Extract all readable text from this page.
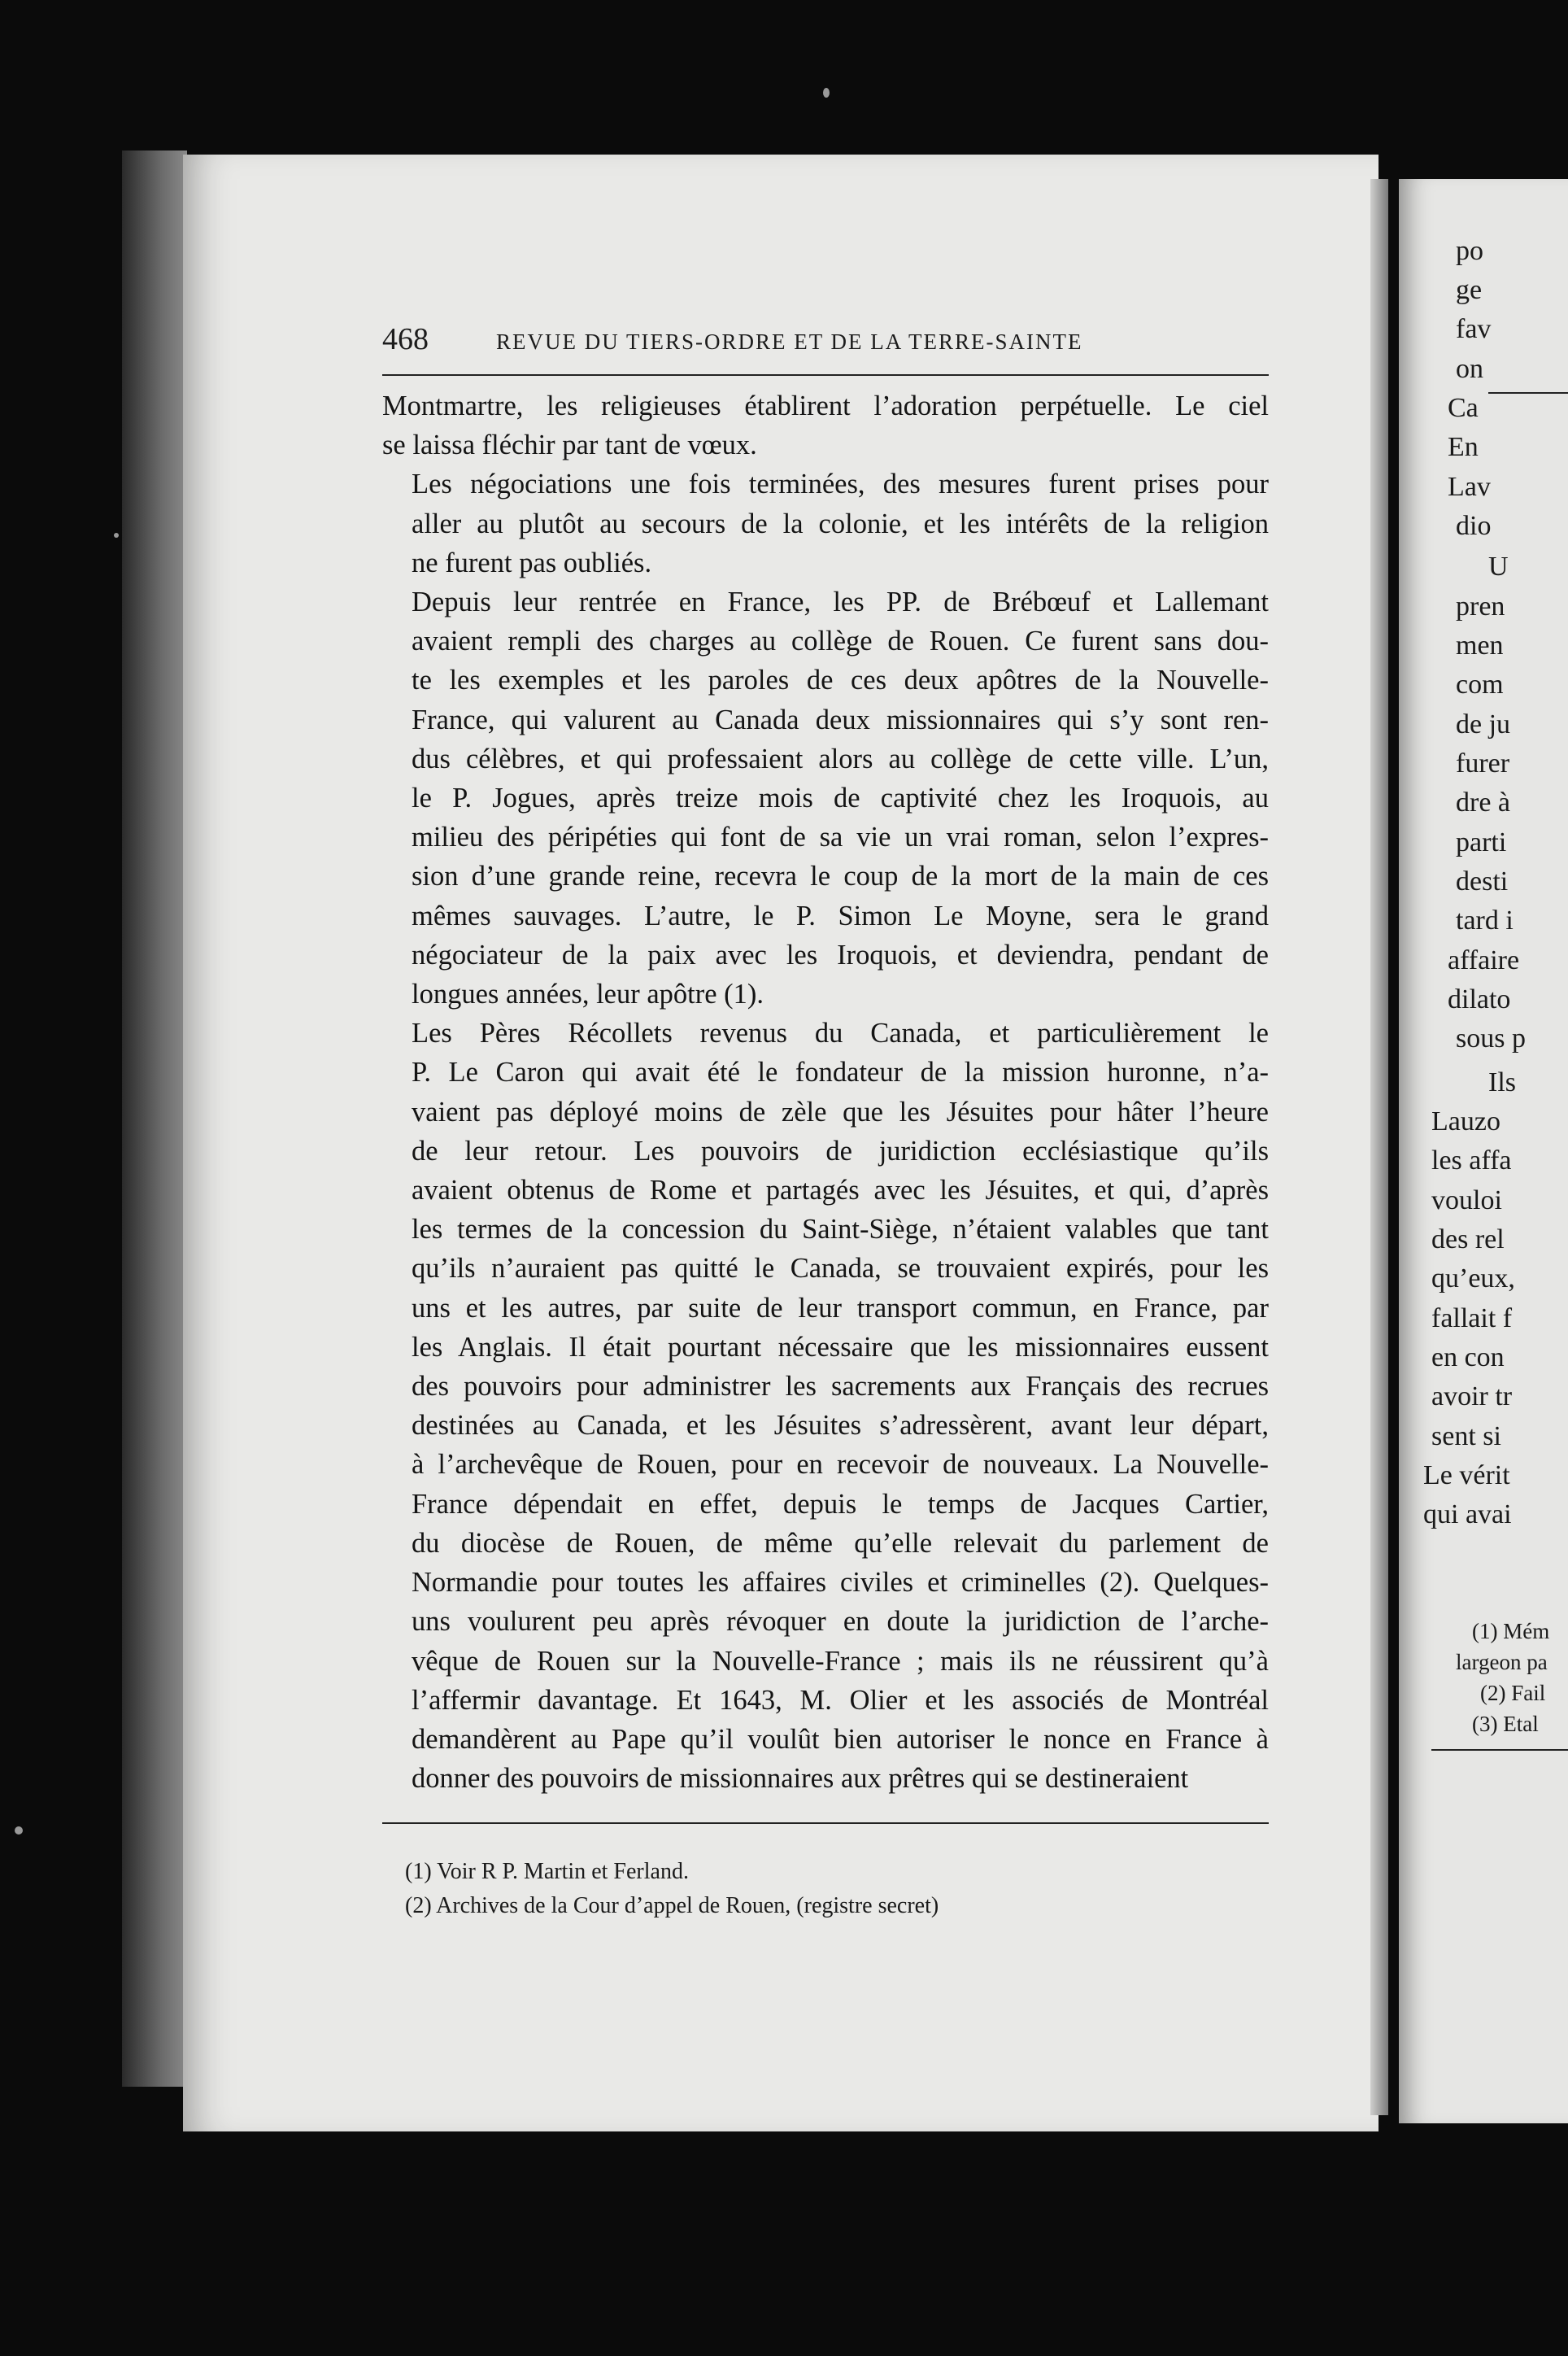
468	REVUE DU TIERS-ORDRE ET DE LA TERRE-SAINTE

Montmartre, les religieuses établirent l’adoration perpétuelle. Le ciel
se laissa fléchir par tant de vœux.

Les négociations une fois terminées, des mesures furent prises pour
aller au plutôt au secours de la colonie, et les intérêts de la religion
ne furent pas oubliés.

Depuis leur rentrée en France, les PP. de Brébœuf et Lallemant
avaient rempli des charges au collège de Rouen. Ce furent sans dou-
te les exemples et les paroles de ces deux apôtres de la Nouvelle-
France, qui valurent au Canada deux missionnaires qui s’y sont ren-
dus célèbres, et qui professaient alors au collège de cette ville. L’un,
le P. Jogues, après treize mois de captivité chez les Iroquois, au
milieu des péripéties qui font de sa vie un vrai roman, selon l’expres-
sion d’une grande reine, recevra le coup de la mort de la main de ces
mêmes sauvages. L’autre, le P. Simon Le Moyne, sera le grand
négociateur de la paix avec les Iroquois, et deviendra, pendant de
longues années, leur apôtre (1).

Les Pères Récollets revenus du Canada, et particulièrement le
P. Le Caron qui avait été le fondateur de la mission huronne, n’a-
vaient pas déployé moins de zèle que les Jésuites pour hâter l’heure
de leur retour. Les pouvoirs de juridiction ecclésiastique qu’ils
avaient obtenus de Rome et partagés avec les Jésuites, et qui, d’après
les termes de la concession du Saint-Siège, n’étaient valables que tant
qu’ils n’auraient pas quitté le Canada, se trouvaient expirés, pour les
uns et les autres, par suite de leur transport commun, en France, par
les Anglais. Il était pourtant nécessaire que les missionnaires eussent
des pouvoirs pour administrer les sacrements aux Français des recrues
destinées au Canada, et les Jésuites s’adressèrent, avant leur départ,
à l’archevêque de Rouen, pour en recevoir de nouveaux. La Nouvelle-
France dépendait en effet, depuis le temps de Jacques Cartier,
du diocèse de Rouen, de même qu’elle relevait du parlement de
Normandie pour toutes les affaires civiles et criminelles (2). Quelques-
uns voulurent peu après révoquer en doute la juridiction de l’arche-
vêque de Rouen sur la Nouvelle-France ; mais ils ne réussirent qu’à
l’affermir davantage. Et 1643, M. Olier et les associés de Montréal
demandèrent au Pape qu’il voulût bien autoriser le nonce en France à
donner des pouvoirs de missionnaires aux prêtres qui se destineraient

(1) Voir R P. Martin et Ferland.
(2) Archives de la Cour d’appel de Rouen, (registre secret)
po
ge
fav
on
Ca
En
Lav
dio
U
pren
men
com
de ju
furer
dre à
parti
desti
tard i
affaire
dilato
sous p
Ils
Lauzo
les affa
vouloi
des rel
qu’eux,
fallait f
en con
avoir tr
sent si
Le vérit
qui avai
(1) Mém
largeon pa
(2) Fail
(3) Etal
